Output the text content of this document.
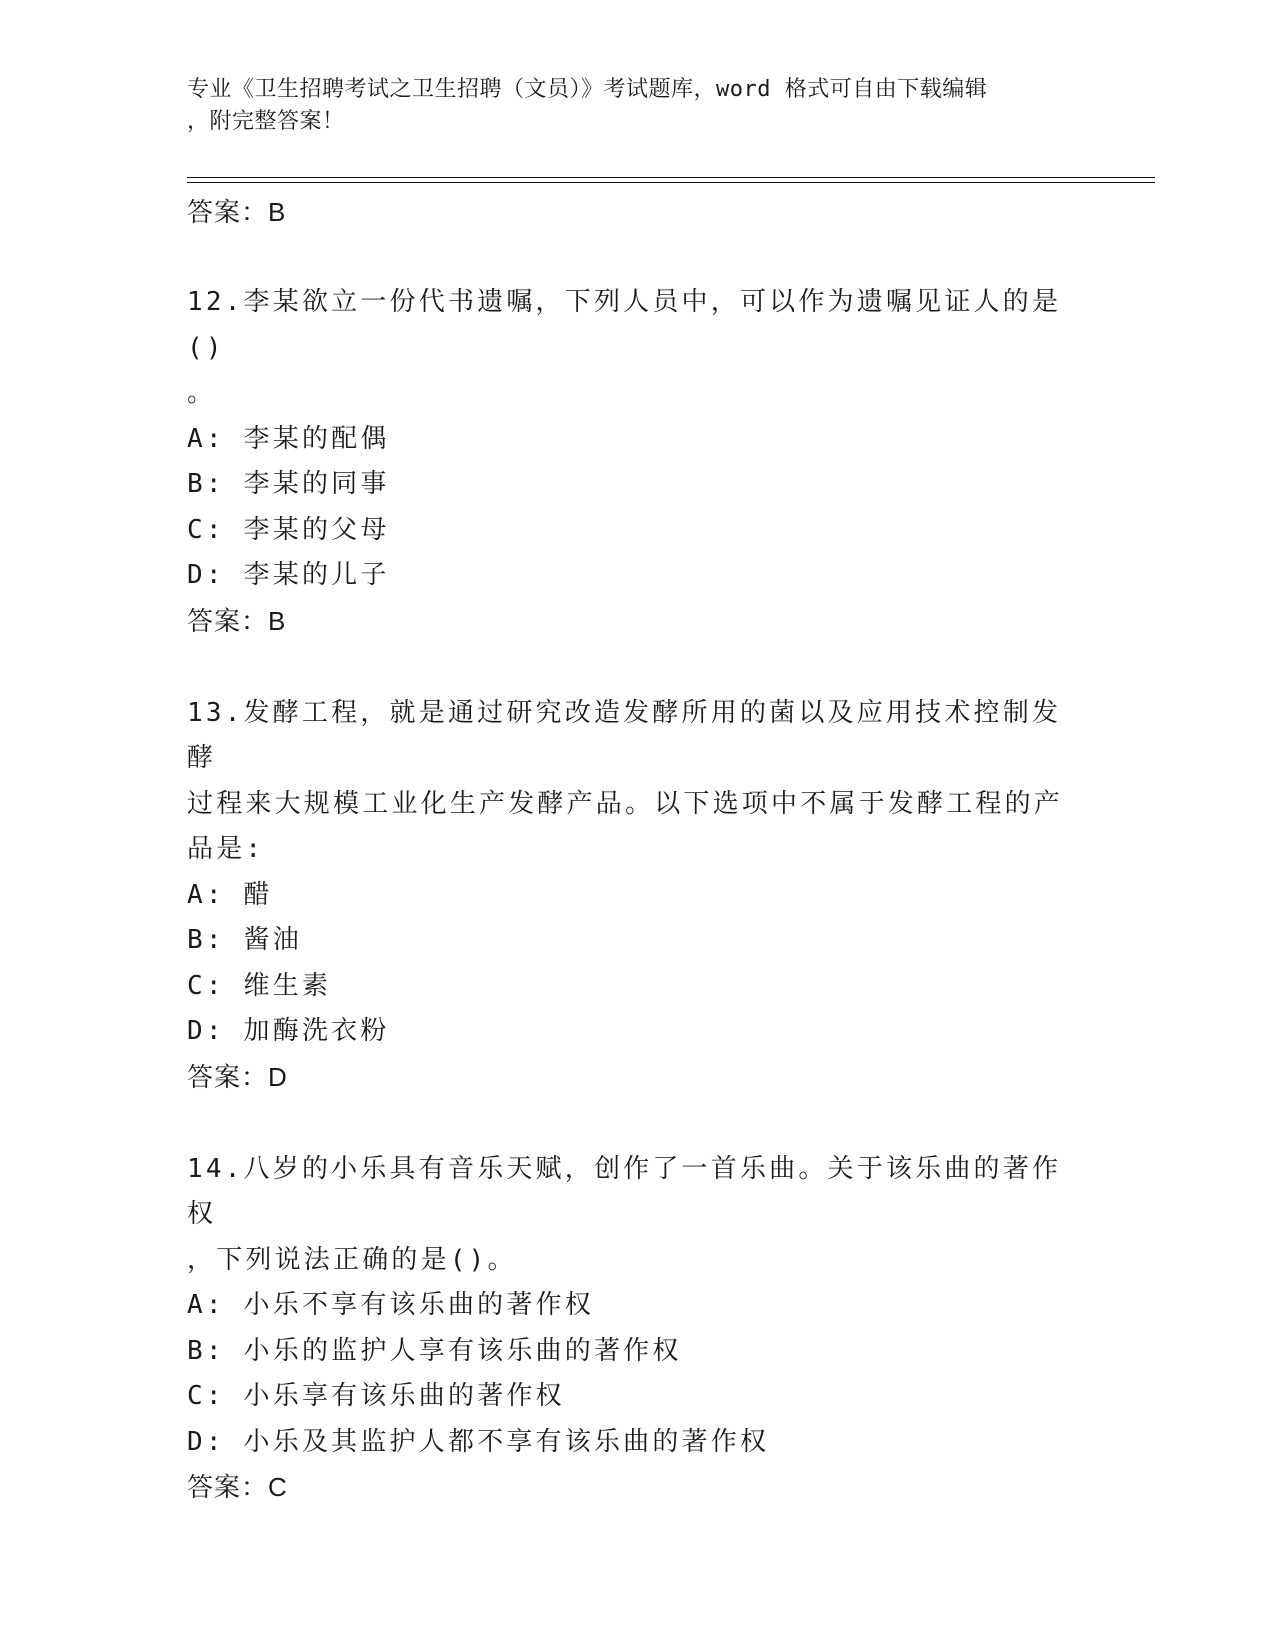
专业《卫生招聘考试之卫生招聘（文员）》考试题库，word 格式可自由下载编辑
，附完整答案！

答案：B

12.李某欲立一份代书遗嘱，下列人员中，可以作为遗嘱见证人的是()

。

A: 李某的配偶

B: 李某的同事

C: 李某的父母

D: 李某的儿子

答案：B

13.发酵工程，就是通过研究改造发酵所用的菌以及应用技术控制发酵

过程来大规模工业化生产发酵产品。以下选项中不属于发酵工程的产

品是:

A: 醋

B: 酱油

C: 维生素

D: 加酶洗衣粉

答案：D

14.八岁的小乐具有音乐天赋，创作了一首乐曲。关于该乐曲的著作权

，下列说法正确的是()。

A: 小乐不享有该乐曲的著作权

B: 小乐的监护人享有该乐曲的著作权

C: 小乐享有该乐曲的著作权

D: 小乐及其监护人都不享有该乐曲的著作权

答案：C
